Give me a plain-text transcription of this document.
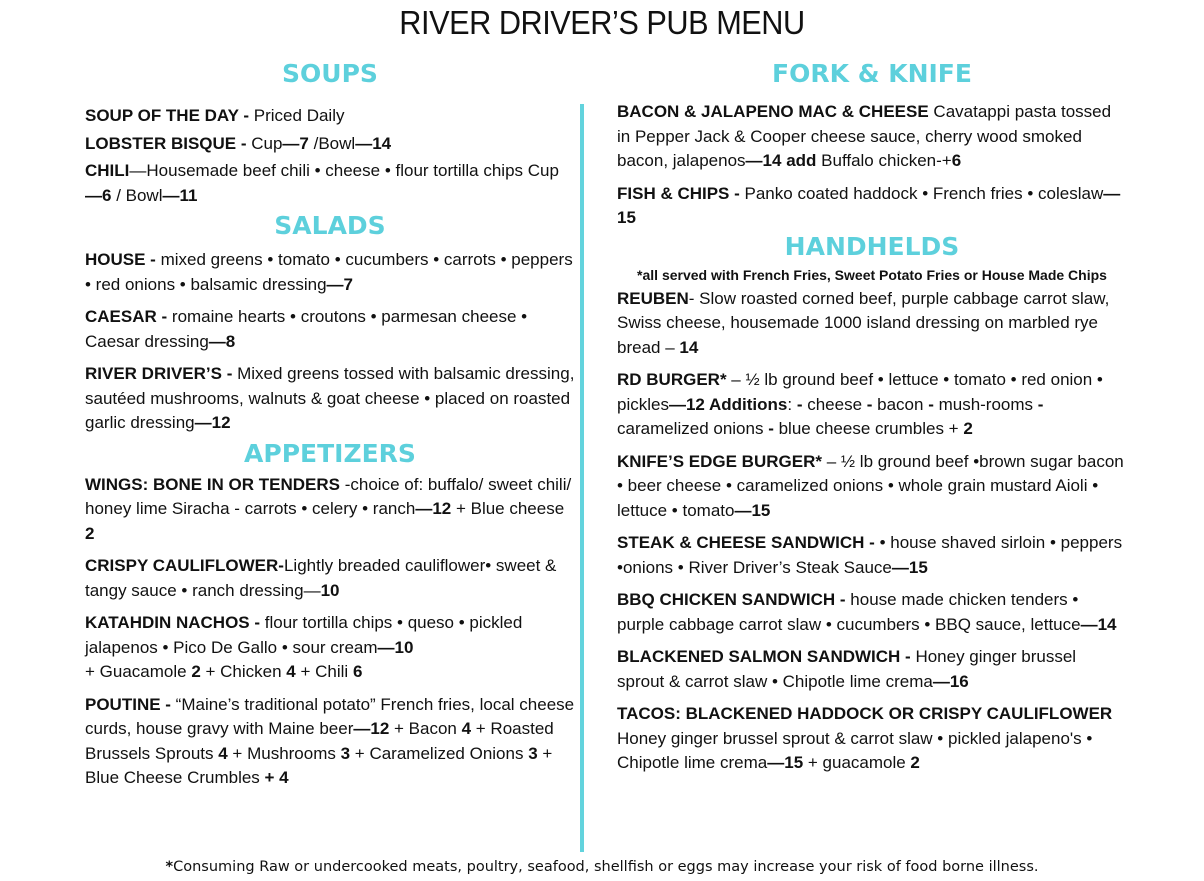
RIVER DRIVER’S PUB MENU
SOUPS

SOUP OF THE DAY - Priced Daily

LOBSTER BISQUE - Cup—7 /Bowl—14

CHILI—Housemade beef chili • cheese • flour tortilla chips Cup—6 / Bowl—11

SALADS

HOUSE - mixed greens • tomato • cucumbers • carrots • peppers • red onions • balsamic dressing—7

CAESAR - romaine hearts • croutons • parmesan cheese • Caesar dressing—8

RIVER DRIVER’S - Mixed greens tossed with balsamic dressing, sautéed mushrooms, walnuts & goat cheese • placed on roasted garlic dressing—12

APPETIZERS

WINGS: BONE IN OR TENDERS -choice of: buffalo/ sweet chili/ honey lime Siracha - carrots • celery • ranch—12 + Blue cheese 2

CRISPY CAULIFLOWER-Lightly breaded cauliflower• sweet & tangy sauce • ranch dressing—10

KATAHDIN NACHOS - flour tortilla chips • queso • pickled jalapenos • Pico De Gallo • sour cream—10
+ Guacamole 2 + Chicken 4 + Chili 6

POUTINE - “Maine’s traditional potato” French fries, local cheese curds, house gravy with Maine beer—12 + Bacon 4 + Roasted Brussels Sprouts 4 + Mushrooms 3 + Caramelized Onions 3 + Blue Cheese Crumbles + 4

FORK & KNIFE

BACON & JALAPENO MAC & CHEESE Cavatappi pasta tossed in Pepper Jack & Cooper cheese sauce, cherry wood smoked bacon, jalapenos—14 add Buffalo chicken-+6

FISH & CHIPS - Panko coated haddock • French fries • coleslaw—15

HANDHELDS

*all served with French Fries, Sweet Potato Fries or House Made Chips

REUBEN- Slow roasted corned beef, purple cabbage carrot slaw, Swiss cheese, housemade 1000 island dressing on marbled rye bread – 14

RD BURGER* – ½ lb ground beef • lettuce • tomato • red onion • pickles—12 Additions: - cheese - bacon - mush-rooms - caramelized onions - blue cheese crumbles + 2

KNIFE’S EDGE BURGER* – ½ lb ground beef •brown sugar bacon • beer cheese • caramelized onions • whole grain mustard Aioli • lettuce • tomato—15

STEAK & CHEESE SANDWICH - • house shaved sirloin • peppers •onions • River Driver’s Steak Sauce—15

BBQ CHICKEN SANDWICH - house made chicken tenders • purple cabbage carrot slaw • cucumbers • BBQ sauce, lettuce—14

BLACKENED SALMON SANDWICH - Honey ginger brussel sprout & carrot slaw • Chipotle lime crema—16

TACOS: BLACKENED HADDOCK OR CRISPY CAULIFLOWER
Honey ginger brussel sprout & carrot slaw • pickled jalapeno's • Chipotle lime crema—15 + guacamole 2

*Consuming Raw or undercooked meats, poultry, seafood, shellfish or eggs may increase your risk of food borne illness.
